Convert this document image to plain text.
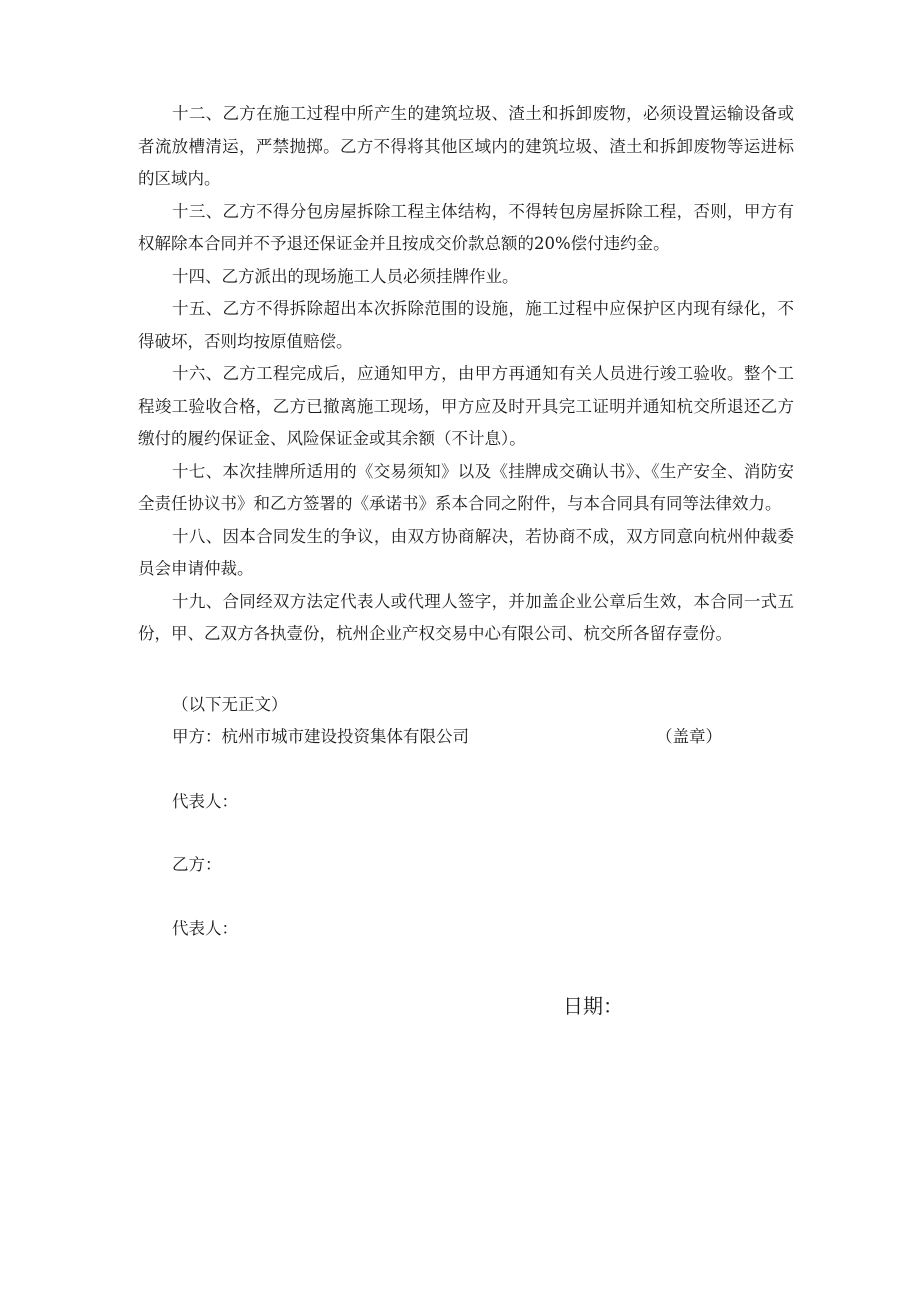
十二、乙方在施工过程中所产生的建筑垃圾、渣土和拆卸废物，必须设置运输设备或者流放槽清运，严禁抛掷。乙方不得将其他区域内的建筑垃圾、渣土和拆卸废物等运进标的区域内。

十三、乙方不得分包房屋拆除工程主体结构，不得转包房屋拆除工程，否则，甲方有权解除本合同并不予退还保证金并且按成交价款总额的20%偿付违约金。

十四、乙方派出的现场施工人员必须挂牌作业。

十五、乙方不得拆除超出本次拆除范围的设施，施工过程中应保护区内现有绿化，不得破坏，否则均按原值赔偿。

十六、乙方工程完成后，应通知甲方，由甲方再通知有关人员进行竣工验收。整个工程竣工验收合格，乙方已撤离施工现场，甲方应及时开具完工证明并通知杭交所退还乙方缴付的履约保证金、风险保证金或其余额（不计息）。

十七、本次挂牌所适用的《交易须知》以及《挂牌成交确认书》、《生产安全、消防安全责任协议书》和乙方签署的《承诺书》系本合同之附件，与本合同具有同等法律效力。

十八、因本合同发生的争议，由双方协商解决，若协商不成，双方同意向杭州仲裁委员会申请仲裁。

十九、合同经双方法定代表人或代理人签字，并加盖企业公章后生效，本合同一式五份，甲、乙双方各执壹份，杭州企业产权交易中心有限公司、杭交所各留存壹份。

（以下无正文）

甲方：杭州市城市建设投资集体有限公司	（盖章）

代表人：

乙方：

代表人：

日期：
